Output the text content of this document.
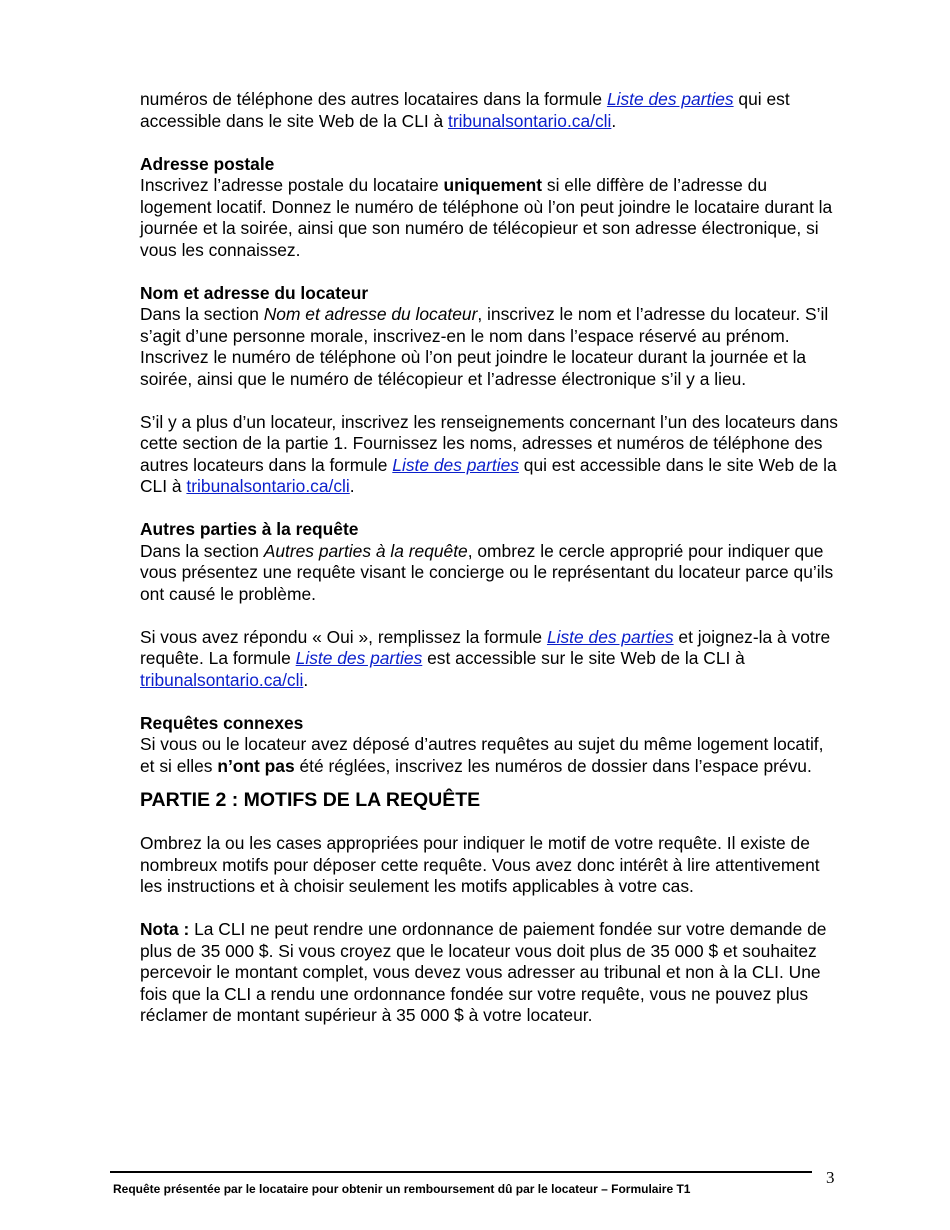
numéros de téléphone des autres locataires dans la formule Liste des parties qui est accessible dans le site Web de la CLI à tribunalsontario.ca/cli.

Adresse postale

Inscrivez l’adresse postale du locataire uniquement si elle diffère de l’adresse du logement locatif. Donnez le numéro de téléphone où l’on peut joindre le locataire durant la journée et la soirée, ainsi que son numéro de télécopieur et son adresse électronique, si vous les connaissez.

Nom et adresse du locateur

Dans la section Nom et adresse du locateur, inscrivez le nom et l’adresse du locateur. S’il s’agit d’une personne morale, inscrivez-en le nom dans l’espace réservé au prénom. Inscrivez le numéro de téléphone où l’on peut joindre le locateur durant la journée et la soirée, ainsi que le numéro de télécopieur et l’adresse électronique s’il y a lieu.

S’il y a plus d’un locateur, inscrivez les renseignements concernant l’un des locateurs dans cette section de la partie 1. Fournissez les noms, adresses et numéros de téléphone des autres locateurs dans la formule Liste des parties qui est accessible dans le site Web de la CLI à tribunalsontario.ca/cli.

Autres parties à la requête

Dans la section Autres parties à la requête, ombrez le cercle approprié pour indiquer que vous présentez une requête visant le concierge ou le représentant du locateur parce qu’ils ont causé le problème.

Si vous avez répondu « Oui », remplissez la formule Liste des parties et joignez-la à votre requête. La formule Liste des parties est accessible sur le site Web de la CLI à tribunalsontario.ca/cli.

Requêtes connexes

Si vous ou le locateur avez déposé d’autres requêtes au sujet du même logement locatif, et si elles n’ont pas été réglées, inscrivez les numéros de dossier dans l’espace prévu.

PARTIE 2 : MOTIFS DE LA REQUÊTE

Ombrez la ou les cases appropriées pour indiquer le motif de votre requête. Il existe de nombreux motifs pour déposer cette requête. Vous avez donc intérêt à lire attentivement les instructions et à choisir seulement les motifs applicables à votre cas.

Nota : La CLI ne peut rendre une ordonnance de paiement fondée sur votre demande de plus de 35 000 $. Si vous croyez que le locateur vous doit plus de 35 000 $ et souhaitez percevoir le montant complet, vous devez vous adresser au tribunal et non à la CLI. Une fois que la CLI a rendu une ordonnance fondée sur votre requête, vous ne pouvez plus réclamer de montant supérieur à 35 000 $ à votre locateur.

3
Requête présentée par le locataire pour obtenir un remboursement dû par le locateur – Formulaire T1
